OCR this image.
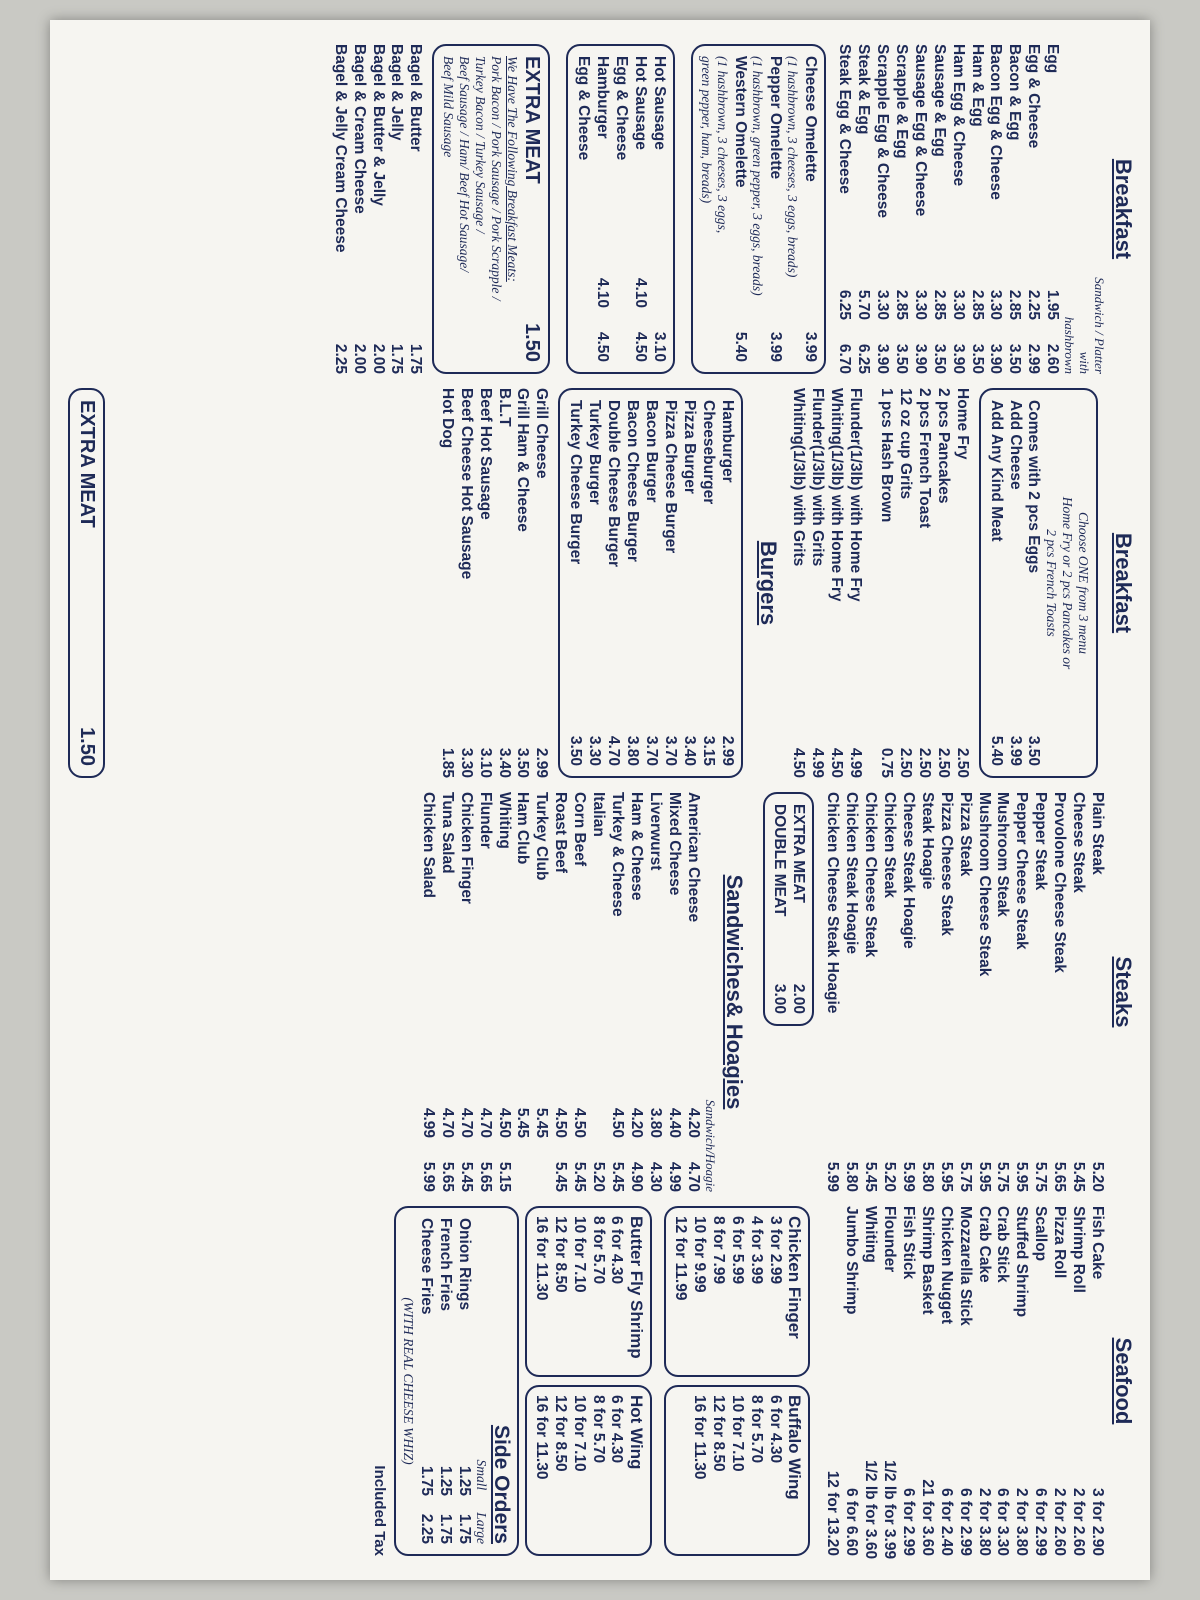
Breakfast
Sandwich / Platter
with
hashbrown
Egg
1.95
2.60
Egg & Cheese
2.25
2.99
Bacon & Egg
2.85
3.50
Bacon Egg & Cheese
3.30
3.90
Ham & Egg
2.85
3.50
Ham Egg & Cheese
3.30
3.90
Sausage & Egg
2.85
3.50
Sausage Egg & Cheese
3.30
3.90
Scrapple & Egg
2.85
3.50
Scrapple Egg & Cheese
3.30
3.90
Steak & Egg
5.70
6.25
Steak Egg & Cheese
6.25
6.70
Cheese Omelette
3.99
(1 hashbrown, 3 cheeses, 3 eggs, breads)
Pepper Omelette
3.99
(1 hashbrown, green pepper, 3 eggs, breads)
Western Omelette
5.40
(1 hashbrown, 3 cheeses, 3 eggs,
green pepper, ham, breads)
Hot Sausage
3.10
Hot Sausage
4.10
4.50
Egg & Cheese
Hamburger
4.10
4.50
Egg & Cheese
EXTRA MEAT
1.50
We Have The Following Breakfast Meats:
Pork Bacon / Pork Sausage / Pork Scrapple /
Turkey Bacon / Turkey Sausage /
Beef Sausage / Ham/ Beef Hot Sausage/
Beef Mild Sausage
Bagel & Butter
1.75
Bagel & Jelly
1.75
Bagel & Butter & Jelly
2.00
Bagel & Cream Cheese
2.00
Bagel & Jelly Cream Cheese
2.25
Breakfast
Choose ONE from 3 menu
Home Fry or 2 pcs Pancakes or
2 pcs French Toasts
Comes with 2 pcs Eggs
3.50
Add Cheese
3.99
Add Any Kind Meat
5.40
Home Fry
2.50
2 pcs Pancakes
2.50
2 pcs French Toast
2.50
12 oz cup Grits
2.50
1 pcs Hash Brown
0.75
Flunder(1/3lb) with Home Fry
4.99
Whiting(1/3lb) with Home Fry
4.50
Flunder(1/3lb) with Grits
4.99
Whiting(1/3lb) with Grits
4.50
Burgers
Hamburger
2.99
Cheeseburger
3.15
Pizza Burger
3.40
Pizza Cheese Burger
3.70
Bacon Burger
3.70
Bacon Cheese Burger
3.80
Double Cheese Burger
4.70
Turkey Burger
3.30
Turkey Cheese Burger
3.50
Grill Cheese
2.99
Grill Ham & Cheese
3.50
B.L.T
3.40
Beef Hot Sausage
3.10
Beef Cheese Hot Sausage
3.30
Hot Dog
1.85
EXTRA MEAT
1.50
Steaks
Plain Steak
5.20
Cheese Steak
5.45
Provolone Cheese Steak
5.65
Pepper Steak
5.75
Pepper Cheese Steak
5.95
Mushroom Steak
5.75
Mushroom Cheese Steak
5.95
Pizza Steak
5.75
Pizza Cheese Steak
5.95
Steak Hoagie
5.80
Cheese Steak Hoagie
5.99
Chicken Steak
5.20
Chicken Cheese Steak
5.45
Chicken Steak Hoagie
5.80
Chicken Cheese Steak Hoagie
5.99
EXTRA MEAT
2.00
DOUBLE MEAT
3.00
Sandwiches& Hoagies
Sandwich/Hoagie
American Cheese
4.20
4.70
Mixed Cheese
4.40
4.99
Liverwurst
3.80
4.30
Ham & Cheese
4.20
4.90
Turkey & Cheese
4.50
5.45
Italian
5.20
Corn Beef
4.50
5.45
Roast Beef
4.50
5.45
Turkey Club
5.45
Ham Club
5.45
Whiting
4.50
5.15
Flunder
4.70
5.65
Chicken Finger
4.70
5.45
Tuna Salad
4.70
5.65
Chicken Salad
4.99
5.99
Seafood
Fish Cake
3 for 2.90
Shrimp Roll
2 for 2.60
Pizza Roll
2 for 2.60
Scallop
6 for 2.99
Stuffed Shrimp
2 for 3.80
Crab Stick
6 for 3.30
Crab Cake
2 for 3.80
Mozzarella Stick
6 for 2.99
Chicken Nugget
6 for 2.40
Shrimp Basket
21 for 3.60
Fish Stick
6 for 2.99
Flounder
1/2 lb for 3.99
Whiting
1/2 lb for 3.60
Jumbo Shrimp
6 for 6.60
12 for 13.20
Chicken Finger
3 for 2.99
4 for 3.99
6 for 5.99
8 for 7.99
10 for 9.99
12 for 11.99
Buffalo Wing
6 for 4.30
8 for 5.70
10 for 7.10
12 for 8.50
16 for 11.30
Butter Fly Shrimp
6 for 4.30
8 for 5.70
10 for 7.10
12 for 8.50
16 for 11.30
Hot Wing
6 for 4.30
8 for 5.70
10 for 7.10
12 for 8.50
16 for 11.30
Side Orders
Small
Large
Onion Rings
1.25
1.75
French Fries
1.25
1.75
Cheese Fries
1.75
2.25
(WITH REAL CHEESE WHIZ)
Included Tax
